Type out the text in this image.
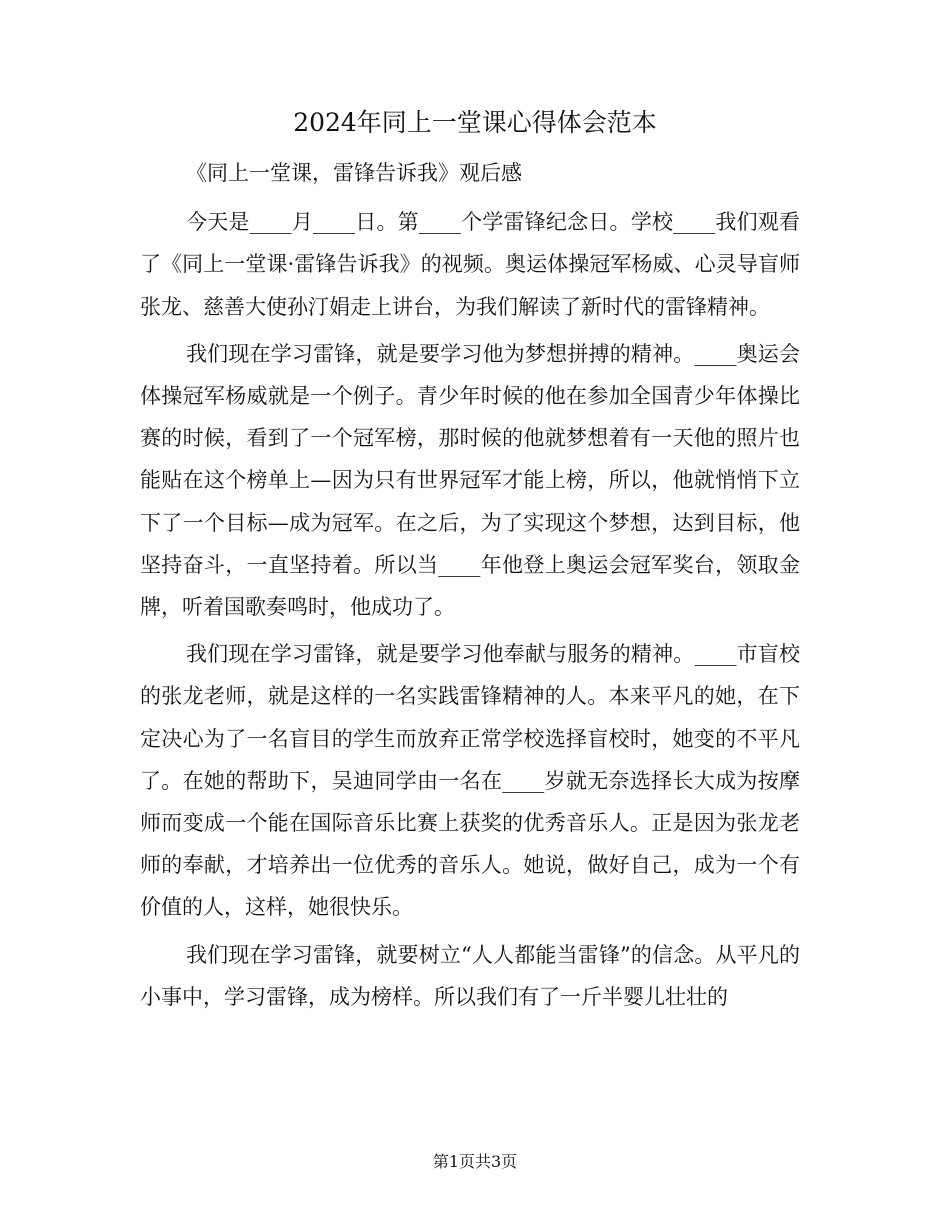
2024年同上一堂课心得体会范本

《同上一堂课，雷锋告诉我》观后感

今天是____月____日。第____个学雷锋纪念日。学校____我们观看了《同上一堂课·雷锋告诉我》的视频。奥运体操冠军杨威、心灵导盲师张龙、慈善大使孙汀娟走上讲台，为我们解读了新时代的雷锋精神。

我们现在学习雷锋，就是要学习他为梦想拼搏的精神。____奥运会体操冠军杨威就是一个例子。青少年时候的他在参加全国青少年体操比赛的时候，看到了一个冠军榜，那时候的他就梦想着有一天他的照片也能贴在这个榜单上—因为只有世界冠军才能上榜，所以，他就悄悄下立下了一个目标—成为冠军。在之后，为了实现这个梦想，达到目标，他坚持奋斗，一直坚持着。所以当____年他登上奥运会冠军奖台，领取金牌，听着国歌奏鸣时，他成功了。

我们现在学习雷锋，就是要学习他奉献与服务的精神。____市盲校的张龙老师，就是这样的一名实践雷锋精神的人。本来平凡的她，在下定决心为了一名盲目的学生而放弃正常学校选择盲校时，她变的不平凡了。在她的帮助下，吴迪同学由一名在____岁就无奈选择长大成为按摩师而变成一个能在国际音乐比赛上获奖的优秀音乐人。正是因为张龙老师的奉献，才培养出一位优秀的音乐人。她说，做好自己，成为一个有价值的人，这样，她很快乐。

我们现在学习雷锋，就要树立“人人都能当雷锋”的信念。从平凡的小事中，学习雷锋，成为榜样。所以我们有了一斤半婴儿壮壮的

第1页共3页
